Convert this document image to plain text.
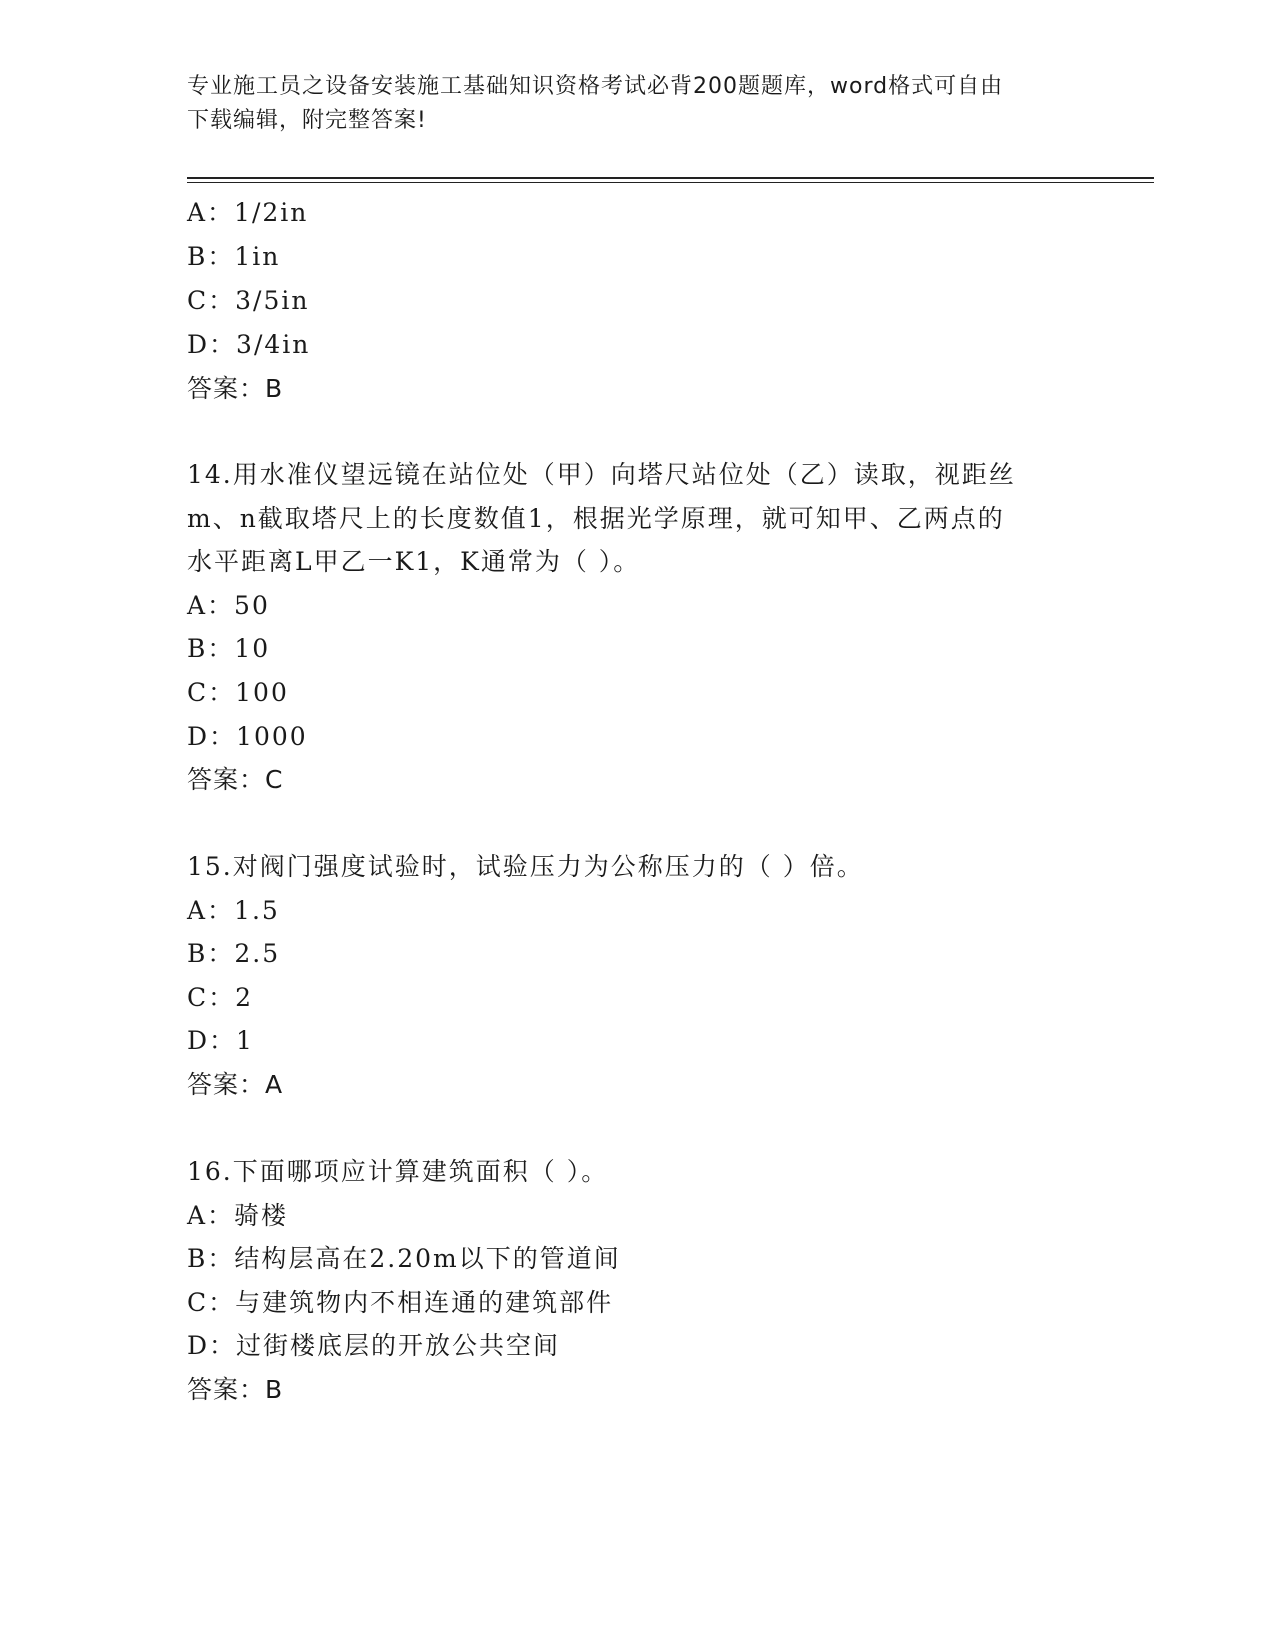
专业施工员之设备安装施工基础知识资格考试必背200题题库，word格式可自由
下载编辑，附完整答案!
A：1/2in
B：1in
C：3/5in
D：3/4in
答案：B
14.用水准仪望远镜在站位处（甲）向塔尺站位处（乙）读取，视距丝
m、n截取塔尺上的长度数值1，根据光学原理，就可知甲、乙两点的
水平距离L甲乙一K1，K通常为（ ）。
A：50
B：10
C：100
D：1000
答案：C
15.对阀门强度试验时，试验压力为公称压力的（ ）倍。
A：1.5
B：2.5
C：2
D：1
答案：A
16.下面哪项应计算建筑面积（ ）。
A：骑楼
B：结构层高在2.20m以下的管道间
C：与建筑物内不相连通的建筑部件
D：过街楼底层的开放公共空间
答案：B
